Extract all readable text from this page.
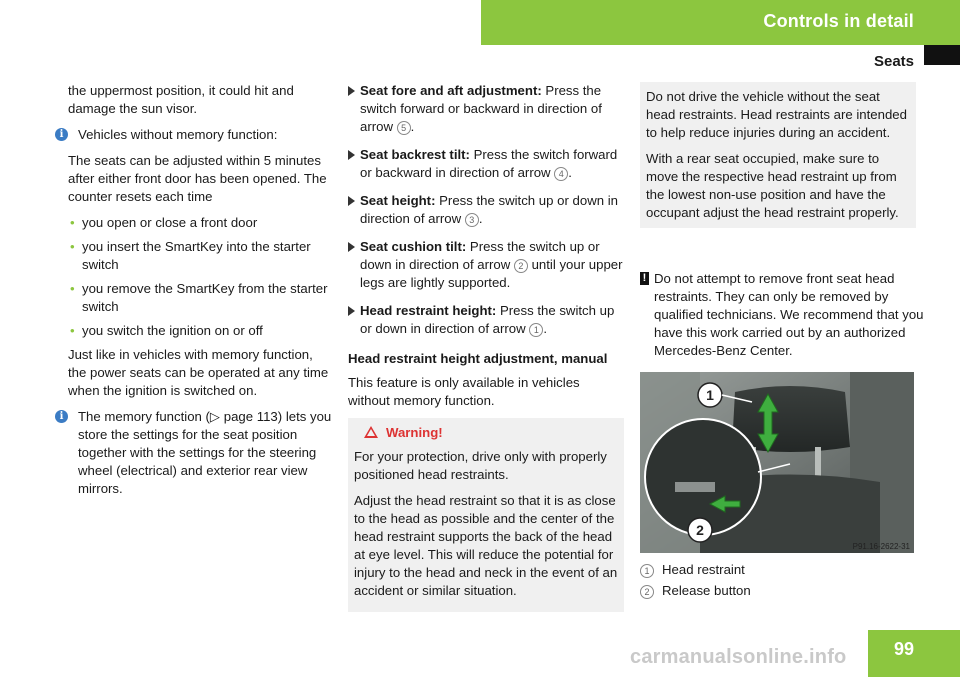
Controls in detail
Seats

the uppermost position, it could hit and damage the sun visor.

i	Vehicles without memory function:

The seats can be adjusted within 5 minutes after either front door has been opened. The counter resets each time

• you open or close a front door
• you insert the SmartKey into the starter switch
• you remove the SmartKey from the starter switch
• you switch the ignition on or off

Just like in vehicles with memory function, the power seats can be operated at any time when the ignition is switched on.

i	The memory function (▷ page 113) lets you store the settings for the seat position together with the settings for the steering wheel (electrical) and exterior rear view mirrors.

Seat fore and aft adjustment: Press the switch forward or backward in direction of arrow 5 .
Seat backrest tilt: Press the switch forward or backward in direction of arrow 4 .
Seat height: Press the switch up or down in direction of arrow 3 .
Seat cushion tilt: Press the switch up or down in direction of arrow 2 until your upper legs are lightly supported.
Head restraint height: Press the switch up or down in direction of arrow 1 .
Head restraint height adjustment, manual

This feature is only available in vehicles without memory function.

Warning!

For your protection, drive only with properly positioned head restraints.

Adjust the head restraint so that it is as close to the head as possible and the center of the head restraint supports the back of the head at eye level. This will reduce the potential for injury to the head and neck in the event of an accident or similar situation.

Do not drive the vehicle without the seat head restraints. Head restraints are intended to help reduce injuries during an accident.

With a rear seat occupied, make sure to move the respective head restraint up from the lowest non-use position and have the occupant adjust the head restraint properly.

! Do not attempt to remove front seat head restraints. They can only be removed by qualified technicians. We recommend that you have this work carried out by an authorized Mercedes-Benz Center.
1
2
P91.16-2622-31
1 Head restraint
2 Release button
99
carmanualsonline.info
